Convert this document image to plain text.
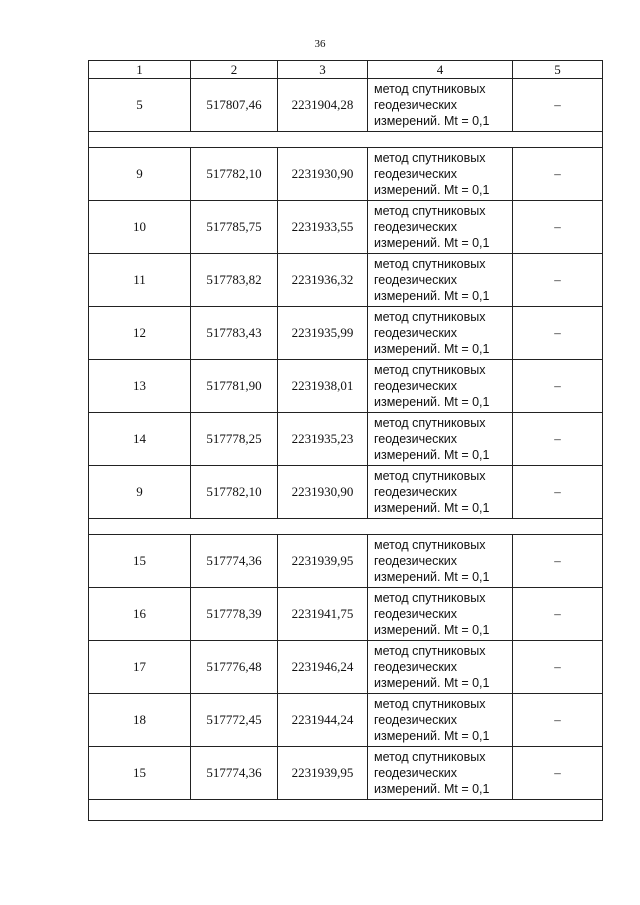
36
1	2	3	4	5
5	517807,46	2231904,28	метод спутниковых
геодезических
измерений. Mt = 0,1	–

9	517782,10	2231930,90	метод спутниковых
геодезических
измерений. Mt = 0,1	–
10	517785,75	2231933,55	метод спутниковых
геодезических
измерений. Mt = 0,1	–
11	517783,82	2231936,32	метод спутниковых
геодезических
измерений. Mt = 0,1	–
12	517783,43	2231935,99	метод спутниковых
геодезических
измерений. Mt = 0,1	–
13	517781,90	2231938,01	метод спутниковых
геодезических
измерений. Mt = 0,1	–
14	517778,25	2231935,23	метод спутниковых
геодезических
измерений. Mt = 0,1	–
9	517782,10	2231930,90	метод спутниковых
геодезических
измерений. Mt = 0,1	–

15	517774,36	2231939,95	метод спутниковых
геодезических
измерений. Mt = 0,1	–
16	517778,39	2231941,75	метод спутниковых
геодезических
измерений. Mt = 0,1	–
17	517776,48	2231946,24	метод спутниковых
геодезических
измерений. Mt = 0,1	–
18	517772,45	2231944,24	метод спутниковых
геодезических
измерений. Mt = 0,1	–
15	517774,36	2231939,95	метод спутниковых
геодезических
измерений. Mt = 0,1	–
